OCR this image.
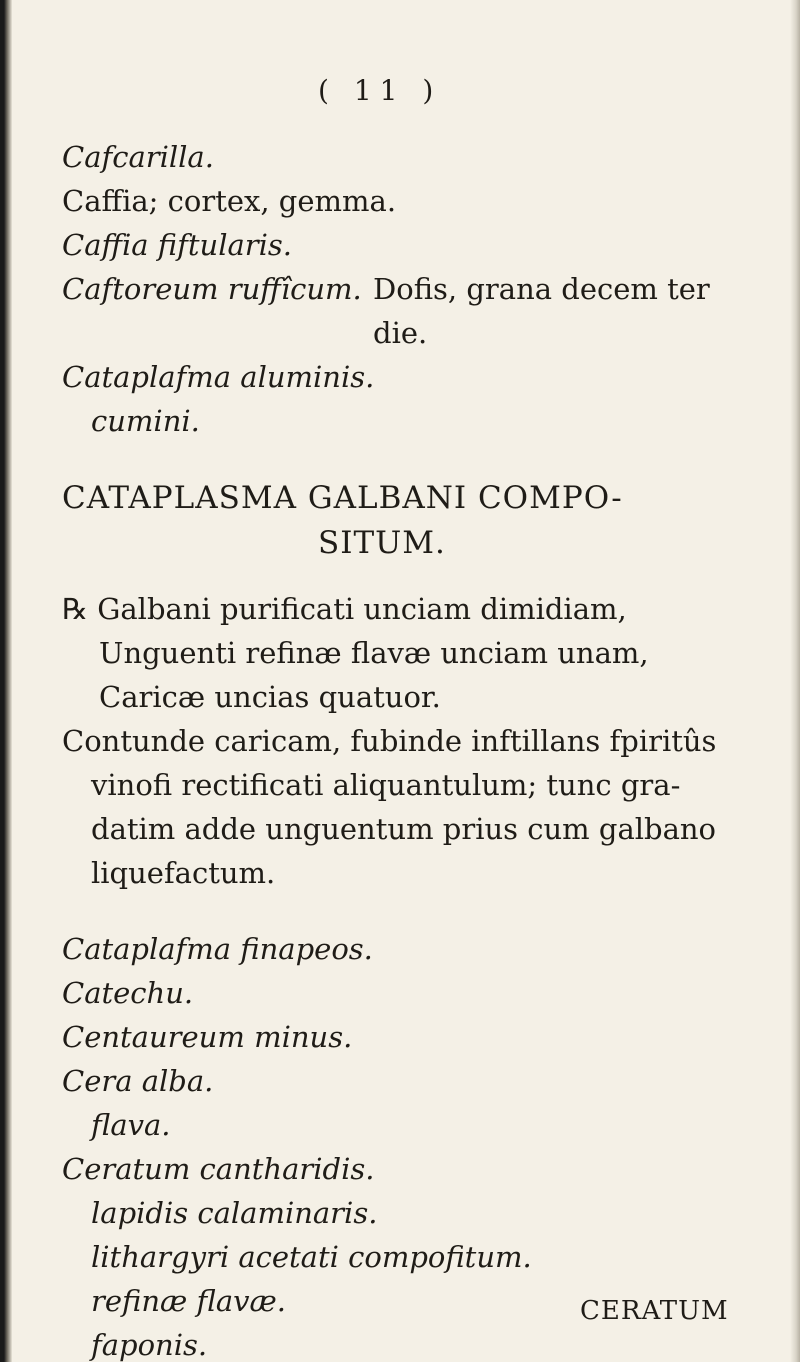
( 11 )
Cafcarilla.
Caffia; cortex, gemma.
Caffia fiftularis.
Caftoreum ruffîcum. Dofis, grana decem ter
die.
Cataplafma aluminis.
cumini.
CATAPLASMA GALBANI COMPO-
SITUM.
℞ Galbani purificati unciam dimidiam,
Unguenti refinæ flavæ unciam unam,
Caricæ uncias quatuor.
Contunde caricam, fubinde inftillans fpiritûs
vinofi rectificati aliquantulum; tunc gra-
datim adde unguentum prius cum galbano
liquefactum.
Cataplafma finapeos.
Catechu.
Centaureum minus.
Cera alba.
flava.
Ceratum cantharidis.
lapidis calaminaris.
lithargyri acetati compofitum.
refinæ flavæ.
faponis.
CERATUM
